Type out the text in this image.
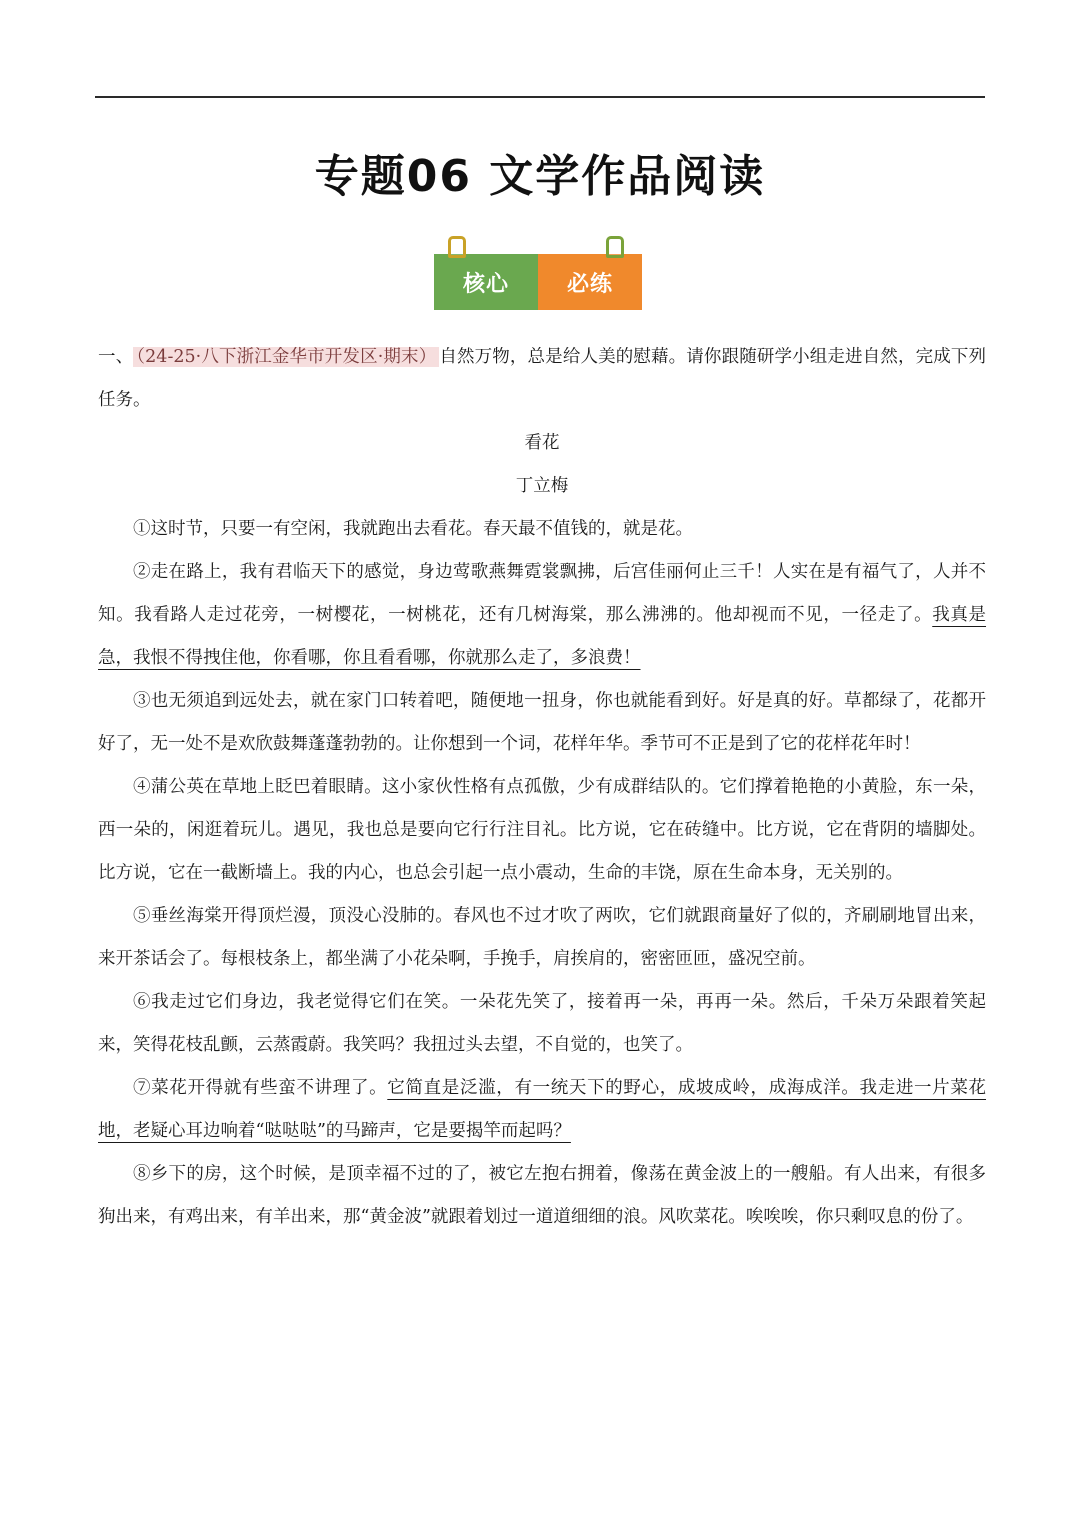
专题06 文学作品阅读
核心	必练

一、 （24-25·八下浙江金华市开发区·期末） 自然万物，总是给人美的慰藉。请你跟随研学小组走进自然，完成下列任务。

看花

丁立梅

①这时节，只要一有空闲，我就跑出去看花。春天最不值钱的，就是花。

②走在路上，我有君临天下的感觉，身边莺歌燕舞霓裳飘拂，后宫佳丽何止三千！人实在是有福气了，人并不知。我看路人走过花旁，一树樱花，一树桃花，还有几树海棠，那么沸沸的。他却视而不见，一径走了。我真是急，我恨不得拽住他，你看哪，你且看看哪，你就那么走了，多浪费！

③也无须追到远处去，就在家门口转着吧，随便地一扭身，你也就能看到好。好是真的好。草都绿了，花都开好了，无一处不是欢欣鼓舞蓬蓬勃勃的。让你想到一个词，花样年华。季节可不正是到了它的花样花年时！

④蒲公英在草地上眨巴着眼睛。这小家伙性格有点孤傲，少有成群结队的。它们撑着艳艳的小黄脸，东一朵，西一朵的，闲逛着玩儿。遇见，我也总是要向它行行注目礼。比方说，它在砖缝中。比方说，它在背阴的墙脚处。比方说，它在一截断墙上。我的内心，也总会引起一点小震动，生命的丰饶，原在生命本身，无关别的。

⑤垂丝海棠开得顶烂漫，顶没心没肺的。春风也不过才吹了两吹，它们就跟商量好了似的，齐刷刷地冒出来，来开茶话会了。每根枝条上，都坐满了小花朵啊，手挽手，肩挨肩的，密密匝匝，盛况空前。

⑥我走过它们身边，我老觉得它们在笑。一朵花先笑了，接着再一朵，再再一朵。然后，千朵万朵跟着笑起来，笑得花枝乱颤，云蒸霞蔚。我笑吗？我扭过头去望，不自觉的，也笑了。

⑦菜花开得就有些蛮不讲理了。它简直是泛滥，有一统天下的野心，成坡成岭，成海成洋。我走进一片菜花地，老疑心耳边响着“哒哒哒”的马蹄声，它是要揭竿而起吗？

⑧乡下的房，这个时候，是顶幸福不过的了，被它左抱右拥着，像荡在黄金波上的一艘船。有人出来，有很多狗出来，有鸡出来，有羊出来，那“黄金波”就跟着划过一道道细细的浪。风吹菜花。唉唉唉，你只剩叹息的份了。
